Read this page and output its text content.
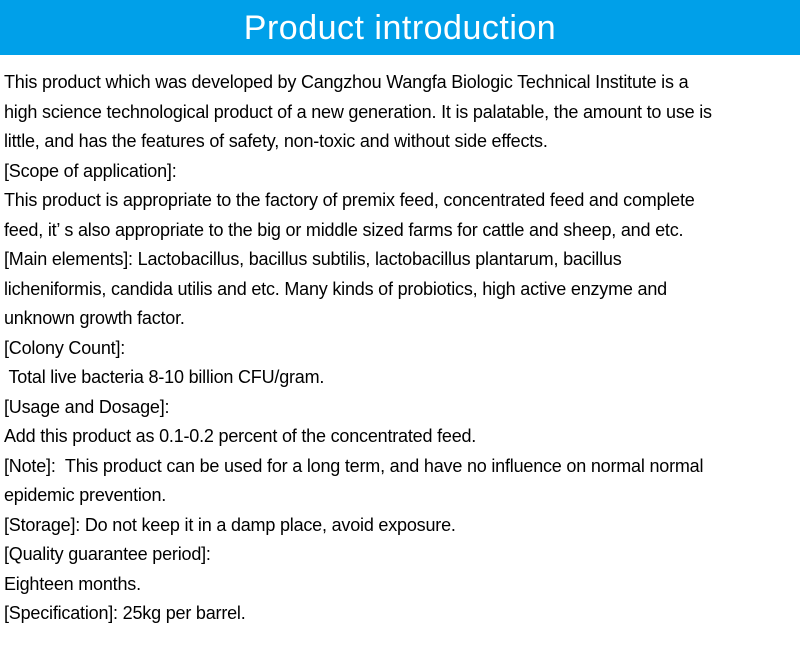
Product introduction
This product which was developed by Cangzhou Wangfa Biologic Technical Institute is a
high science technological product of a new generation. It is palatable, the amount to use is
little, and has the features of safety, non-toxic and without side effects.
[Scope of application]:
This product is appropriate to the factory of premix feed, concentrated feed and complete
feed, it’ s also appropriate to the big or middle sized farms for cattle and sheep, and etc.
[Main elements]: Lactobacillus, bacillus subtilis, lactobacillus plantarum, bacillus
licheniformis, candida utilis and etc. Many kinds of probiotics, high active enzyme and
unknown growth factor.
[Colony Count]:
Total live bacteria 8-10 billion CFU/gram.
[Usage and Dosage]:
Add this product as 0.1-0.2 percent of the concentrated feed.
[Note]:  This product can be used for a long term, and have no influence on normal normal
epidemic prevention.
[Storage]: Do not keep it in a damp place, avoid exposure.
[Quality guarantee period]:
Eighteen months.
[Specification]: 25kg per barrel.
